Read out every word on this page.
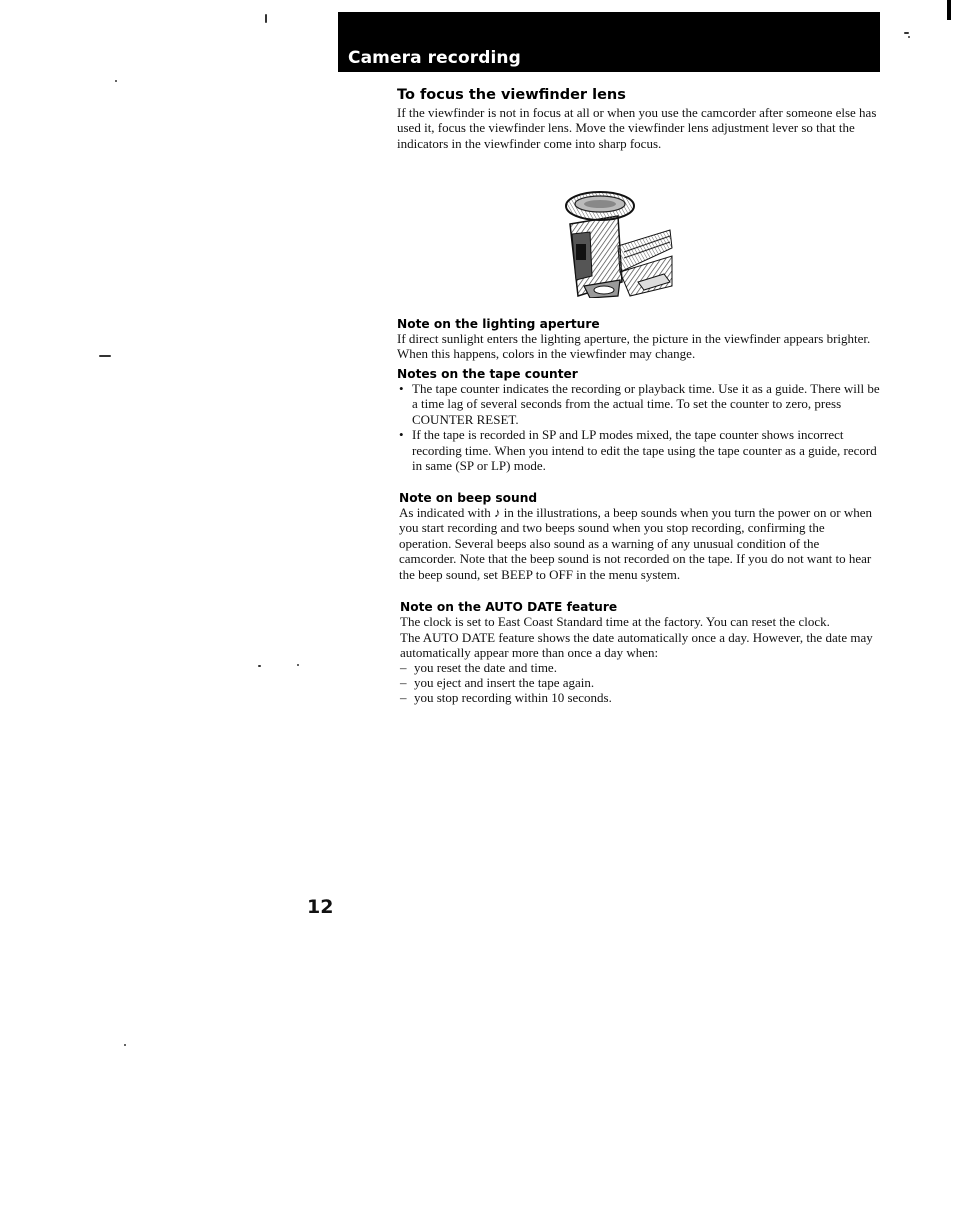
Camera recording
To focus the viewfinder lens

If the viewfinder is not in focus at all or when you use the camcorder after someone else has used it, focus the viewfinder lens. Move the viewfinder lens adjustment lever so that the indicators in the viewfinder come into sharp focus.

Note on the lighting aperture

If direct sunlight enters the lighting aperture, the picture in the viewfinder appears brighter. When this happens, colors in the viewfinder may change.

Notes on the tape counter
• The tape counter indicates the recording or playback time. Use it as a guide. There will be a time lag of several seconds from the actual time. To set the counter to zero, press COUNTER RESET.
• If the tape is recorded in SP and LP modes mixed, the tape counter shows incorrect recording time. When you intend to edit the tape using the tape counter as a guide, record in same (SP or LP) mode.
Note on beep sound

As indicated with ♪ in the illustrations, a beep sounds when you turn the power on or when you start recording and two beeps sound when you stop recording, confirming the operation. Several beeps also sound as a warning of any unusual condition of the camcorder. Note that the beep sound is not recorded on the tape. If you do not want to hear the beep sound, set BEEP to OFF in the menu system.

Note on the AUTO DATE feature

The clock is set to East Coast Standard time at the factory. You can reset the clock.

The AUTO DATE feature shows the date automatically once a day. However, the date may automatically appear more than once a day when:

– you reset the date and time.
– you eject and insert the tape again.
– you stop recording within 10 seconds.
12
